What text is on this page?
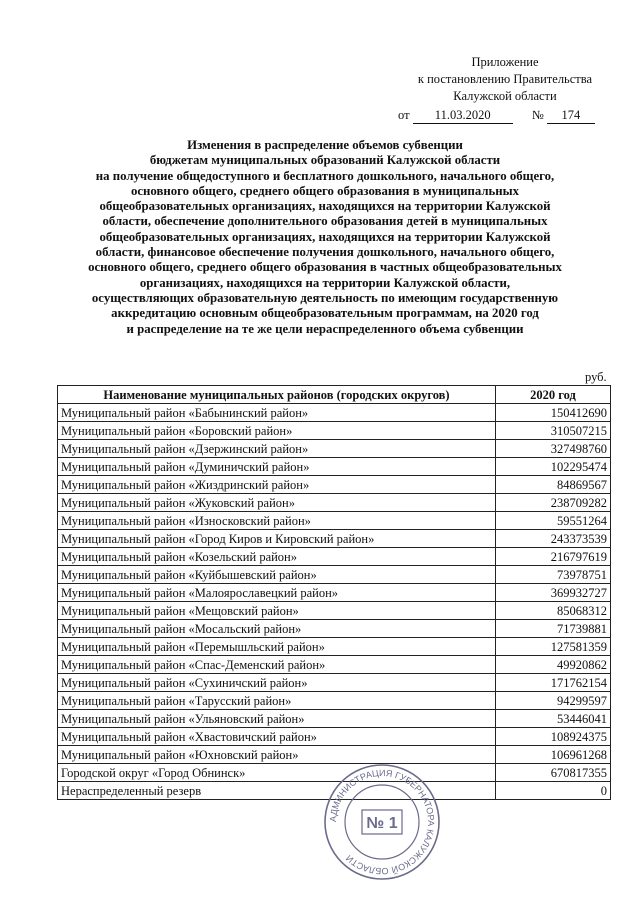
Приложение
к постановлению Правительства
Калужской области
от 11.03.2020	№ 174
Изменения в распределение объемов субвенции
бюджетам муниципальных образований Калужской области
на получение общедоступного и бесплатного дошкольного, начального общего,
основного общего, среднего общего образования в муниципальных
общеобразовательных организациях, находящихся на территории Калужской
области, обеспечение дополнительного образования детей в муниципальных
общеобразовательных организациях, находящихся на территории Калужской
области, финансовое обеспечение получения дошкольного, начального общего,
основного общего, среднего общего образования в частных общеобразовательных
организациях, находящихся на территории Калужской области,
осуществляющих образовательную деятельность по имеющим государственную
аккредитацию основным общеобразовательным программам, на 2020 год
и распределение на те же цели нераспределенного объема субвенции
руб.
Наименование муниципальных районов (городских округов)	2020 год
Муниципальный район «Бабынинский район»	150412690
Муниципальный район «Боровский район»	310507215
Муниципальный район «Дзержинский район»	327498760
Муниципальный район «Думиничский район»	102295474
Муниципальный район «Жиздринский район»	84869567
Муниципальный район «Жуковский район»	238709282
Муниципальный район «Износковский район»	59551264
Муниципальный район «Город Киров и Кировский район»	243373539
Муниципальный район «Козельский район»	216797619
Муниципальный район «Куйбышевский район»	73978751
Муниципальный район «Малоярославецкий район»	369932727
Муниципальный район «Мещовский район»	85068312
Муниципальный район «Мосальский район»	71739881
Муниципальный район «Перемышльский район»	127581359
Муниципальный район «Спас-Деменский район»	49920862
Муниципальный район «Сухиничский район»	171762154
Муниципальный район «Тарусский район»	94299597
Муниципальный район «Ульяновский район»	53446041
Муниципальный район «Хвастовичский район»	108924375
Муниципальный район «Юхновский район»	106961268
Городской округ «Город Обнинск»	670817355
Нераспределенный резерв	0
АДМИНИСТРАЦИЯ ГУБЕРНАТОРА КАЛУЖСКОЙ ОБЛАСТИ
№ 1
